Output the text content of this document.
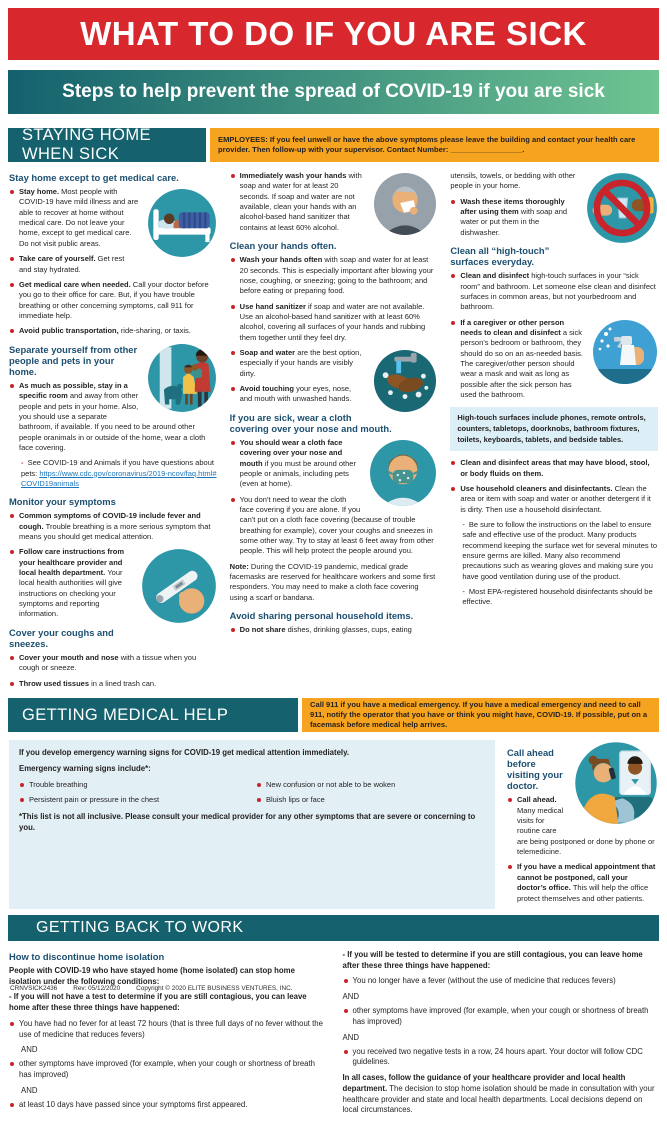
WHAT TO DO IF YOU ARE SICK
Steps to help prevent the spread of COVID-19 if you are sick
STAYING HOME WHEN SICK

EMPLOYEES: If you feel unwell or have the above symptoms please leave the building and contact your health care provider. Then follow-up with your supervisor. Contact Number: _________________.

Stay home except to get medical care.
Stay home. Most people with COVID-19 have mild illness and are able to recover at home without medical care. Do not leave your home, except to get medical care. Do not visit public areas.
Take care of yourself. Get rest and stay hydrated.
Get medical care when needed. Call your doctor before you go to their office for care. But, if you have trouble breathing or other concerning symptoms, call 911 for immediate help.
Avoid public transportation, ride-sharing, or taxis.
Separate yourself from other people and pets in your home.
As much as possible, stay in a specific room and away from other people and pets in your home. Also, you should use a separate bathroom, if available. If you need to be around other people oranimals in or outside of the home, wear a cloth face covering.
- See COVID-19 and Animals if you have questions about pets: https://www.cdc.gov/coronavirus/2019-ncov/faq.html#COVID19animals
Monitor your symptoms
Common symptoms of COVID-19 include fever and cough. Trouble breathing is a more serious symptom that means you should get medical attention.
Follow care instructions from your healthcare provider and local health department. Your local health authorities will give instructions on checking your symptoms and reporting information.
Cover your coughs and sneezes.
Cover your mouth and nose with a tissue when you cough or sneeze.
Throw used tissues in a lined trash can.
Immediately wash your hands with soap and water for at least 20 seconds. If soap and water are not available, clean your hands with an alcohol-based hand sanitizer that contains at least 60% alcohol.
Clean your hands often.
Wash your hands often with soap and water for at least 20 seconds. This is especially important after blowing your nose, coughing, or sneezing; going to the bathroom; and before eating or preparing food.
Use hand sanitizer if soap and water are not available. Use an alcohol-based hand sanitizer with at least 60% alcohol, covering all surfaces of your hands and rubbing them together until they feel dry.
Soap and water are the best option, especially if your hands are visibly dirty.
Avoid touching your eyes, nose, and mouth with unwashed hands.
If you are sick, wear a cloth covering over your nose and mouth.
You should wear a cloth face covering over your nose and mouth if you must be around other people or animals, including pets (even at home).
You don't need to wear the cloth face covering if you are alone. If you can't put on a cloth face covering (because of trouble breathing for example), cover your coughs and sneezes in some other way. Try to stay at least 6 feet away from other people. This will help protect the people around you.
Note: During the COVID-19 pandemic, medical grade facemasks are reserved for healthcare workers and some first responders. You may need to make a cloth face covering using a scarf or bandana.
Avoid sharing personal household items.
Do not share dishes, drinking glasses, cups, eating
utensils, towels, or bedding with other people in your home.
Wash these items thoroughly after using them with soap and water or put them in the dishwasher.
Clean all “high-touch” surfaces everyday.
Clean and disinfect high-touch surfaces in your “sick room” and bathroom. Let someone else clean and disinfect surfaces in common areas, but not yourbedroom and bathroom.
If a caregiver or other person needs to clean and disinfect a sick person’s bedroom or bathroom, they should do so on an as-needed basis. The caregiver/other person should wear a mask and wait as long as possible after the sick person has used the bathroom.
High-touch surfaces include phones, remote ontrols, counters, tabletops, doorknobs, bathroom fixtures, toilets, keyboards, tablets, and bedside tables.
Clean and disinfect areas that may have blood, stool, or body fluids on them.
Use household cleaners and disinfectants. Clean the area or item with soap and water or another detergent if it is dirty. Then use a household disinfectant.
- Be sure to follow the instructions on the label to ensure safe and effective use of the product. Many products recommend keeping the surface wet for several minutes to ensure germs are killed. Many also recommend precautions such as wearing gloves and making sure you have good ventilation during use of the product.
- Most EPA-registered household disinfectants should be effective.
GETTING MEDICAL HELP

Call 911 if you have a medical emergency. If you have a medical emergency and need to call 911, notify the operator that you have or think you might have, COVID-19. If possible, put on a facemask before medical help arrives.

If you develop emergency warning signs for COVID-19 get medical attention immediately.

Emergency warning signs include*:

Trouble breathing
Persistent pain or pressure in the chest
New confusion or not able to be woken
Bluish lips or face

*This list is not all inclusive. Please consult your medical provider for any other symptoms that are severe or concerning to you.

Call ahead before visiting your doctor.
Call ahead. Many medical visits for routine care are being postponed or done by phone or telemedicine.
If you have a medical appointment that cannot be postponed, call your doctor’s office. This will help the office protect themselves and other patients.
GETTING BACK TO WORK
How to discontinue home isolation
People with COVID-19 who have stayed home (home isolated) can stop home isolation under the following conditions:
- If you will not have a test to determine if you are still contagious, you can leave home after these three things have happened:
You have had no fever for at least 72 hours (that is three full days of no fever without the use of medicine that reduces fevers)
AND
other symptoms have improved (for example, when your cough or shortness of breath has improved)
AND
at least 10 days have passed since your symptoms first appeared.
- If you will be tested to determine if you are still contagious, you can leave home after these three things have happened:
You no longer have a fever (without the use of medicine that reduces fevers)
AND
other symptoms have improved (for example, when your cough or shortness of breath has improved)
AND
you received two negative tests in a row, 24 hours apart. Your doctor will follow CDC guidelines.
In all cases, follow the guidance of your healthcare provider and local health department. The decision to stop home isolation should be made in consultation with your healthcare provider and state and local health departments. Local decisions depend on local circumstances.
CRNVSICK2436	Rev: 05/12/2020	Copyright © 2020 ELITE BUSINESS VENTURES, INC.
